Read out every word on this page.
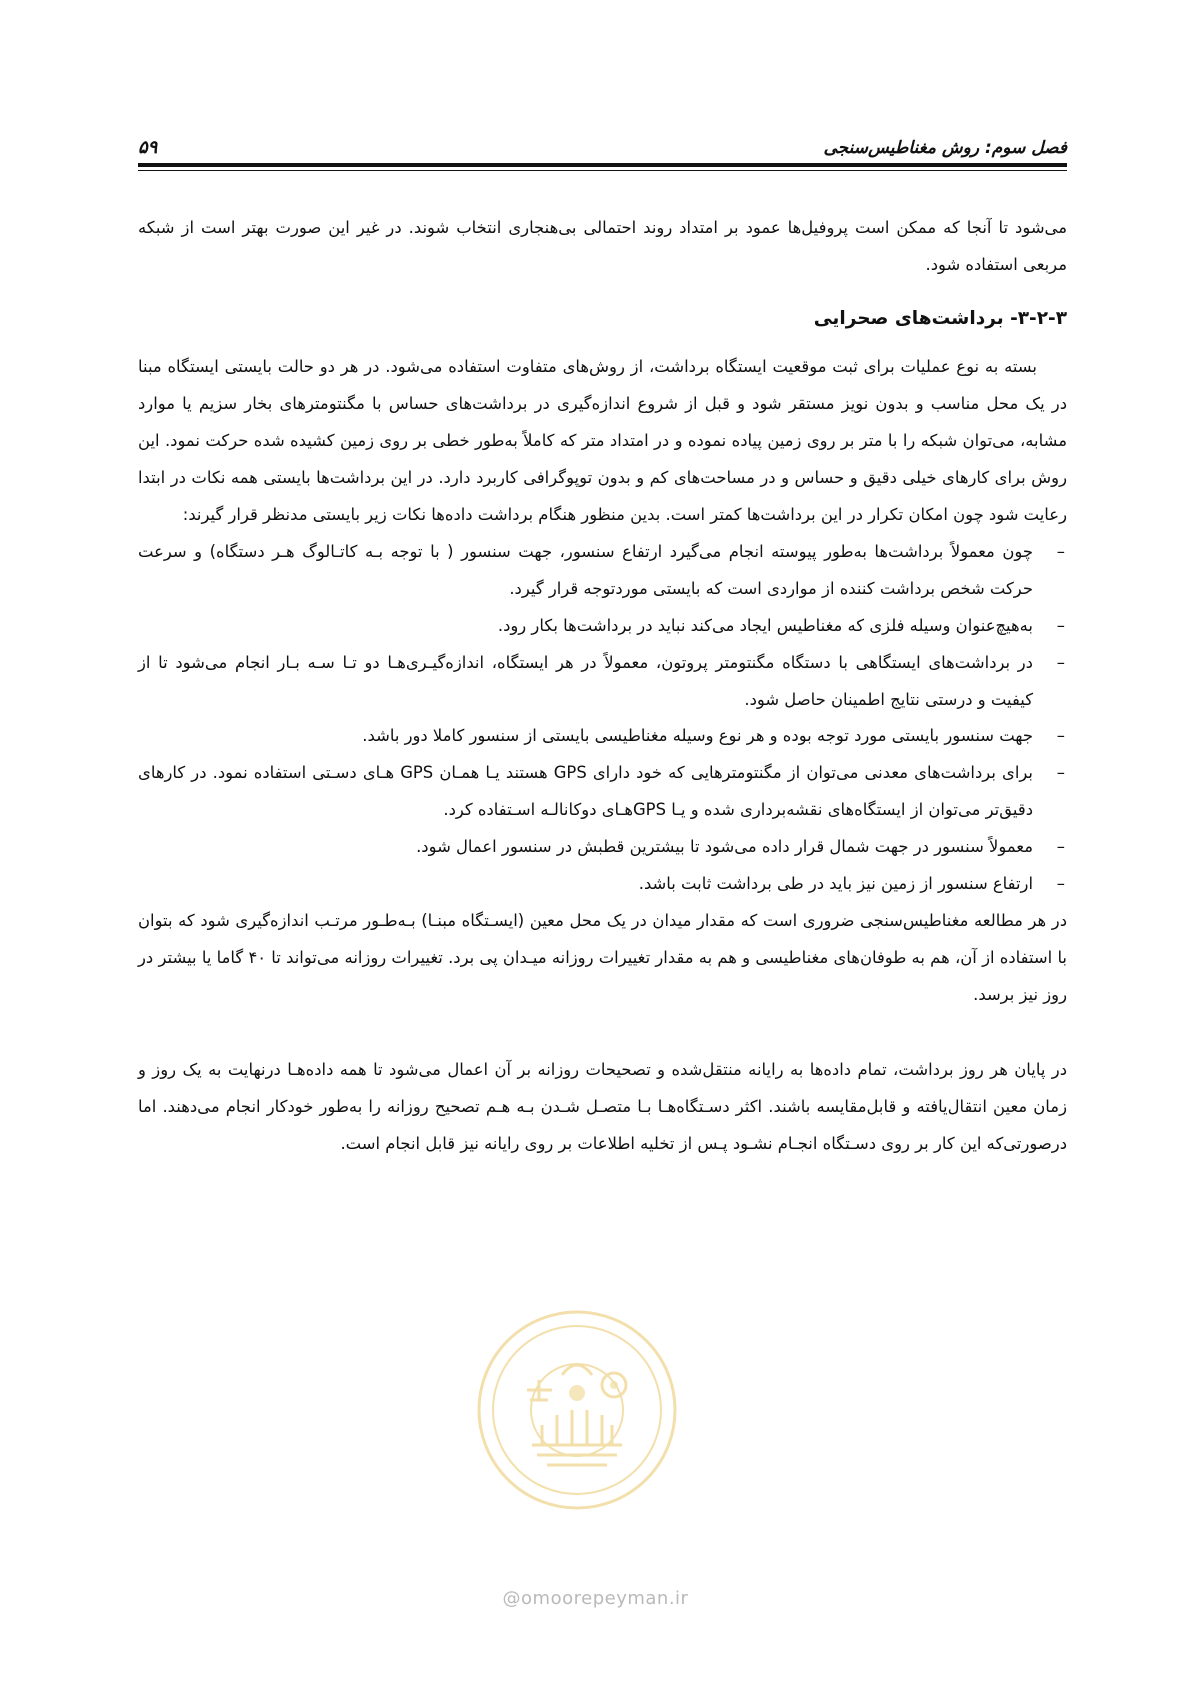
فصل سوم: روش مغناطیس‌سنجی
۵۹

می‌شود تا آنجا که ممکن است پروفیل‌ها عمود بر امتداد روند احتمالی بی‌هنجاری انتخاب شوند. در غیر این صورت بهتر است از شبکه مربعی استفاده شود.

۳-۲-۳- برداشت‌های صحرایی

بسته به نوع عملیات برای ثبت موقعیت ایستگاه برداشت، از روش‌های متفاوت استفاده می‌شود. در هر دو حالت بایستی ایستگاه مبنا در یک محل مناسب و بدون نویز مستقر شود و قبل از شروع اندازه‌گیری در برداشت‌های حساس با مگنتومترهای بخار سزیم یا موارد مشابه، می‌توان شبکه را با متر بر روی زمین پیاده نموده و در امتداد متر که کاملاً به‌طور خطی بر روی زمین کشیده شده حرکت نمود. این روش برای کارهای خیلی دقیق و حساس و در مساحت‌های کم و بدون توپوگرافی کاربرد دارد. در این برداشت‌ها بایستی همه نکات در ابتدا رعایت شود چون امکان تکرار در این برداشت‌ها کمتر است. بدین منظور هنگام برداشت داده‌ها نکات زیر بایستی مدنظر قرار گیرند:

–
چون معمولاً برداشت‌ها به‌طور پیوسته انجام می‌گیرد ارتفاع سنسور، جهت سنسور ( با توجه بـه کاتـالوگ هـر دستگاه) و سرعت حرکت شخص برداشت کننده از مواردی است که بایستی موردتوجه قرار گیرد.
–
به‌هیچ‌عنوان وسیله فلزی که مغناطیس ایجاد می‌کند نباید در برداشت‌ها بکار رود.
–
در برداشت‌های ایستگاهی با دستگاه مگنتومتر پروتون، معمولاً در هر ایستگاه، اندازه‌گیـری‌هـا دو تـا سـه بـار انجام می‌شود تا از کیفیت و درستی نتایج اطمینان حاصل شود.
–
جهت سنسور بایستی مورد توجه بوده و هر نوع وسیله مغناطیسی بایستی از سنسور کاملا دور باشد.
–
برای برداشت‌های معدنی می‌توان از مگنتومترهایی که خود دارای GPS هستند یـا همـان GPS هـای دسـتی استفاده نمود. در کارهای دقیق‌تر می‌توان از ایستگاه‌های نقشه‌برداری شده و یـا GPSهـای دوکانالـه اسـتفاده کرد.
–
معمولاً سنسور در جهت شمال قرار داده می‌شود تا بیشترین قطبش در سنسور اعمال شود.
–
ارتفاع سنسور از زمین نیز باید در طی برداشت ثابت باشد.

در هر مطالعه مغناطیس‌سنجی ضروری است که مقدار میدان در یک محل معین (ایسـتگاه مبنـا) بـه‌طـور مرتـب اندازه‌گیری شود که بتوان با استفاده از آن، هم به طوفان‌های مغناطیسی و هم به مقدار تغییرات روزانه میـدان پی برد. تغییرات روزانه می‌تواند تا ۴۰ گاما یا بیشتر در روز نیز برسد.

در پایان هر روز برداشت، تمام داده‌ها به رایانه منتقل‌شده و تصحیحات روزانه بر آن اعمال می‌شود تا همه داده‌هـا درنهایت به یک روز و زمان معین انتقال‌یافته و قابل‌مقایسه باشند. اکثر دسـتگاه‌هـا بـا متصـل شـدن بـه هـم تصحیح روزانه را به‌طور خودکار انجام می‌دهند. اما درصورتی‌که این کار بر روی دسـتگاه انجـام نشـود پـس از تخلیه اطلاعات بر روی رایانه نیز قابل انجام است.

@omoorepeyman.ir
